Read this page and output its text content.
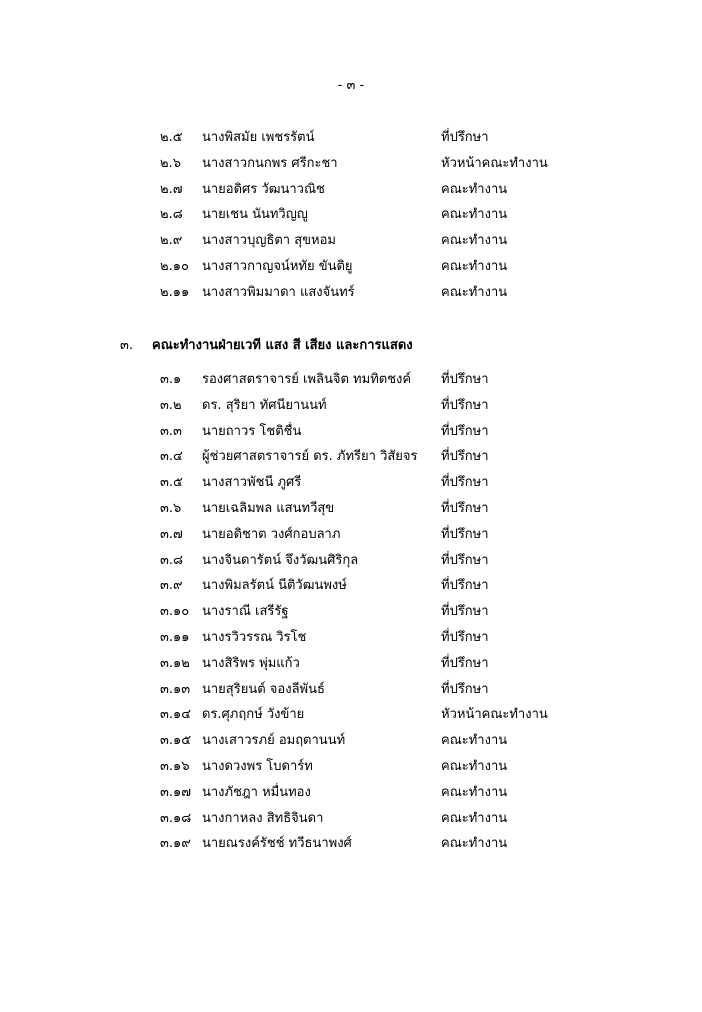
- ๓ -
๒.๕	นางพิสมัย เพชรรัตน์	ที่ปรึกษา
๒.๖	นางสาวกนกพร ศรีกะชา	หัวหน้าคณะทำงาน
๒.๗	นายอดิศร วัฒนาวณิช	คณะทำงาน
๒.๘	นายเชน นันทวิญญู	คณะทำงาน
๒.๙	นางสาวบุญธิตา สุขหอม	คณะทำงาน
๒.๑๐	นางสาวกาญจน์หทัย ขันติยู	คณะทำงาน
๒.๑๑ นางสาวพิมมาดา แสงจันทร์	คณะทำงาน
๓.	คณะทำงานฝ่ายเวที แสง สี เสียง และการแสดง
๓.๑	รองศาสตราจารย์ เพลินจิต ทมทิตชงค์	ที่ปรึกษา
๓.๒	ดร. สุริยา ทัศนียานนท์	ที่ปรึกษา
๓.๓	นายถาวร โชติชื่น	ที่ปรึกษา
๓.๔	ผู้ช่วยศาสตราจารย์ ดร. ภัทรียา วิสัยจร	ที่ปรึกษา
๓.๕	นางสาวพัชนี ภูศรี	ที่ปรึกษา
๓.๖	นายเฉลิมพล แสนทวีสุข	ที่ปรึกษา
๓.๗	นายอดิชาต วงศ์กอบลาภ	ที่ปรึกษา
๓.๘	นางจินดารัตน์ จึงวัฒนศิริกุล	ที่ปรึกษา
๓.๙	นางพิมลรัตน์ นีติวัฒนพงษ์	ที่ปรึกษา
๓.๑๐ นางราณี เสรีรัฐ	ที่ปรึกษา
๓.๑๑ นางรวิวรรณ วิรโช	ที่ปรึกษา
๓.๑๒ นางสิริพร พุ่มแก้ว	ที่ปรึกษา
๓.๑๓ นายสุริยนต์ จองลีพันธ์	ที่ปรึกษา
๓.๑๔ ดร.ศุภฤกษ์ วังข้าย	หัวหน้าคณะทำงาน
๓.๑๕ นางเสาวรภย์ อมฤตานนท์	คณะทำงาน
๓.๑๖ นางดวงพร โบดาร์ท	คณะทำงาน
๓.๑๗ นางภัชฎา หมื่นทอง	คณะทำงาน
๓.๑๘ นางกาหลง สิทธิจินดา	คณะทำงาน
๓.๑๙ นายณรงค์รัชช์ ทวีธนาพงศ์	คณะทำงาน
